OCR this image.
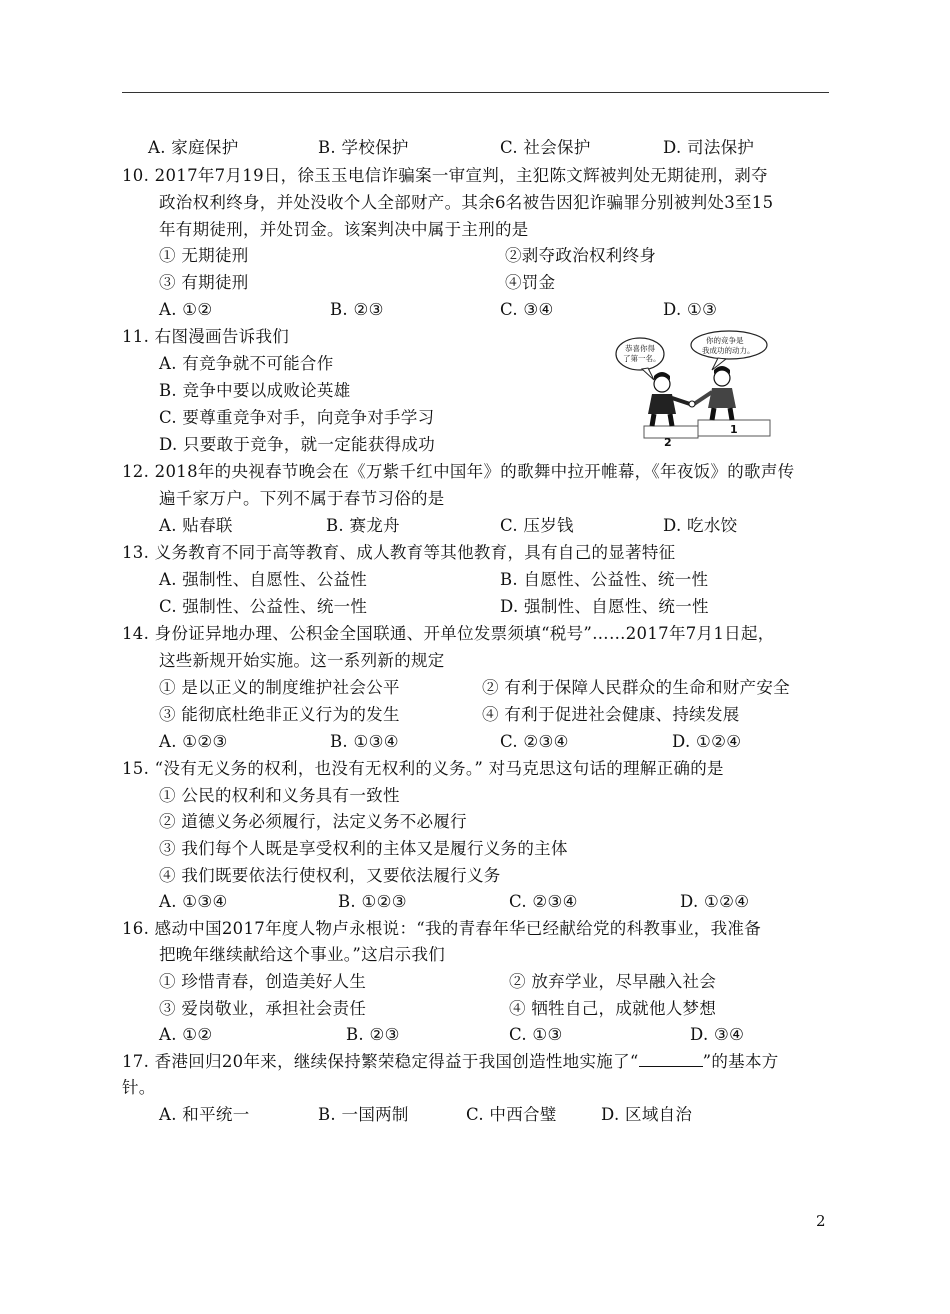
A. 家庭保护	B. 学校保护	C. 社会保护	D. 司法保护
10. 2017年7月19日，徐玉玉电信诈骗案一审宣判，主犯陈文辉被判处无期徒刑，剥夺
政治权利终身，并处没收个人全部财产。其余6名被告因犯诈骗罪分别被判处3至15
年有期徒刑，并处罚金。该案判决中属于主刑的是
① 无期徒刑	②剥夺政治权利终身
③ 有期徒刑	④罚金
A. ①②	B. ②③	C. ③④	D. ①③
11. 右图漫画告诉我们
A. 有竞争就不可能合作
B. 竞争中要以成败论英雄
C. 要尊重竞争对手，向竞争对手学习
D. 只要敢于竞争，就一定能获得成功
恭喜你得
了第一名。
你的竞争是
我成功的动力。
1
2
12. 2018年的央视春节晚会在《万紫千红中国年》的歌舞中拉开帷幕，《年夜饭》的歌声传
遍千家万户。下列不属于春节习俗的是
A. 贴春联	B. 赛龙舟	C. 压岁钱	D. 吃水饺
13. 义务教育不同于高等教育、成人教育等其他教育，具有自己的显著特征
A. 强制性、自愿性、公益性	B. 自愿性、公益性、统一性
C. 强制性、公益性、统一性	D. 强制性、自愿性、统一性
14. 身份证异地办理、公积金全国联通、开单位发票须填“税号”……2017年7月1日起，
这些新规开始实施。这一系列新的规定
① 是以正义的制度维护社会公平	② 有利于保障人民群众的生命和财产安全
③ 能彻底杜绝非正义行为的发生	④ 有利于促进社会健康、持续发展
A. ①②③	B. ①③④	C. ②③④	D. ①②④
15. “没有无义务的权利，也没有无权利的义务。” 对马克思这句话的理解正确的是
① 公民的权利和义务具有一致性
② 道德义务必须履行，法定义务不必履行
③ 我们每个人既是享受权利的主体又是履行义务的主体
④ 我们既要依法行使权利，又要依法履行义务
A. ①③④	B. ①②③	C. ②③④	D. ①②④
16. 感动中国2017年度人物卢永根说：“我的青春年华已经献给党的科教事业，我准备
把晚年继续献给这个事业。”这启示我们
① 珍惜青春，创造美好人生	② 放弃学业，尽早融入社会
③ 爱岗敬业，承担社会责任	④ 牺牲自己，成就他人梦想
A. ①②	B. ②③	C. ①③	D. ③④
17. 香港回归20年来，继续保持繁荣稳定得益于我国创造性地实施了“	”的基本方
针。
A. 和平统一	B. 一国两制	C. 中西合璧	D. 区域自治
2
